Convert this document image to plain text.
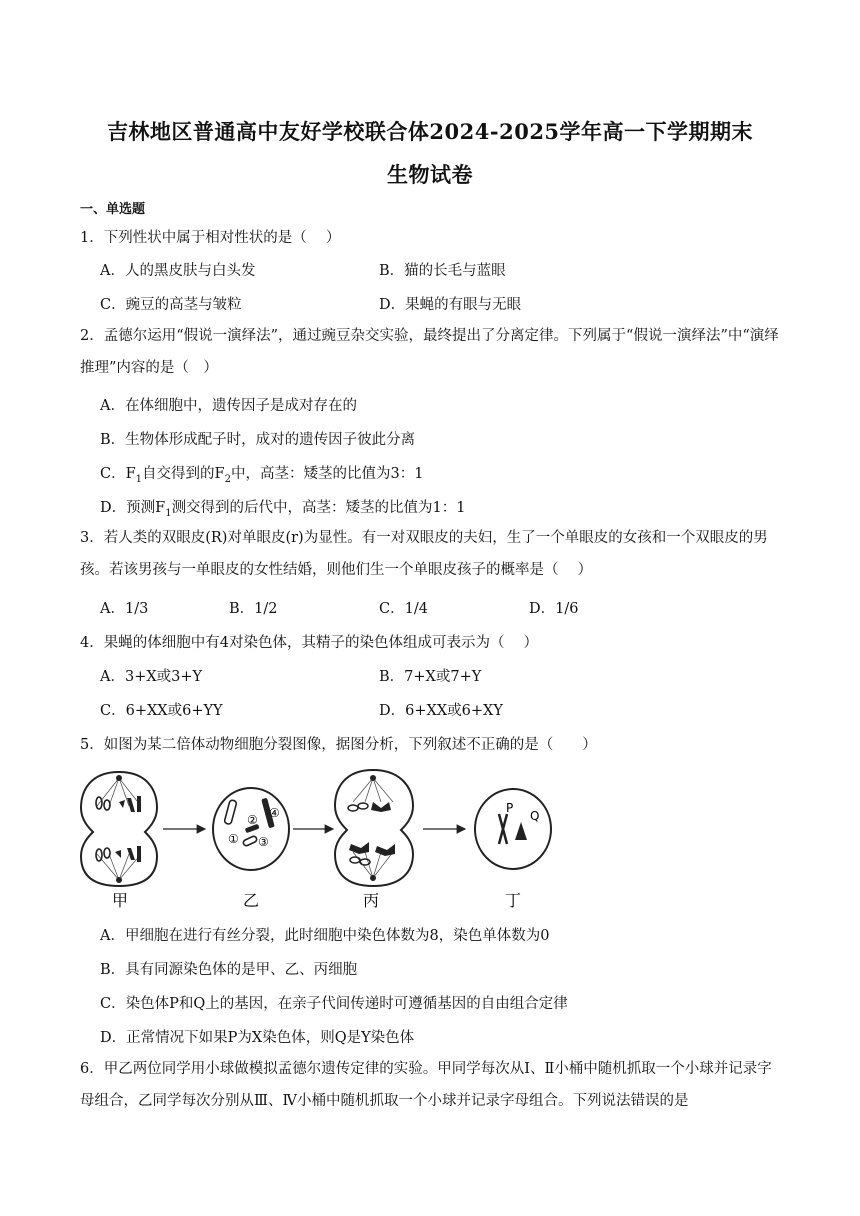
吉林地区普通高中友好学校联合体2024-2025学年高一下学期期末
生物试卷
一、单选题
1．下列性状中属于相对性状的是（　 ）
A．人的黑皮肤与白头发	B．猫的长毛与蓝眼
C．豌豆的高茎与皱粒	D．果蝇的有眼与无眼
2．孟德尔运用“假说一演绎法”，通过豌豆杂交实验，最终提出了分离定律。下列属于“假说一演绎法”中“演绎推理”内容的是（　）
A．在体细胞中，遗传因子是成对存在的
B．生物体形成配子时，成对的遗传因子彼此分离
C．$F_1$自交得到的$F_2$中，高茎：矮茎的比值为3：1
D．预测$F_1$测交得到的后代中，高茎：矮茎的比值为1：1
3．若人类的双眼皮(R)对单眼皮(r)为显性。有一对双眼皮的夫妇，生了一个单眼皮的女孩和一个双眼皮的男孩。若该男孩与一单眼皮的女性结婚，则他们生一个单眼皮孩子的概率是（　 ）
A．1/3	B．1/2	C．1/4	D．1/6
4．果蝇的体细胞中有4对染色体，其精子的染色体组成可表示为（　 ）
A．3+X或3+Y	B．7+X或7+Y
C．6+XX或6+YY	D．6+XX或6+XY
5．如图为某二倍体动物细胞分裂图像，据图分析，下列叙述不正确的是（　　）
①
②
③
④	P
Q
甲	乙	丙	丁
A．甲细胞在进行有丝分裂，此时细胞中染色体数为8，染色单体数为0
B．具有同源染色体的是甲、乙、丙细胞
C．染色体P和Q上的基因，在亲子代间传递时可遵循基因的自由组合定律
D．正常情况下如果P为X染色体，则Q是Y染色体
6．甲乙两位同学用小球做模拟孟德尔遗传定律的实验。甲同学每次从Ⅰ、Ⅱ小桶中随机抓取一个小球并记录字母组合，乙同学每次分别从Ⅲ、Ⅳ小桶中随机抓取一个小球并记录字母组合。下列说法错误的是
